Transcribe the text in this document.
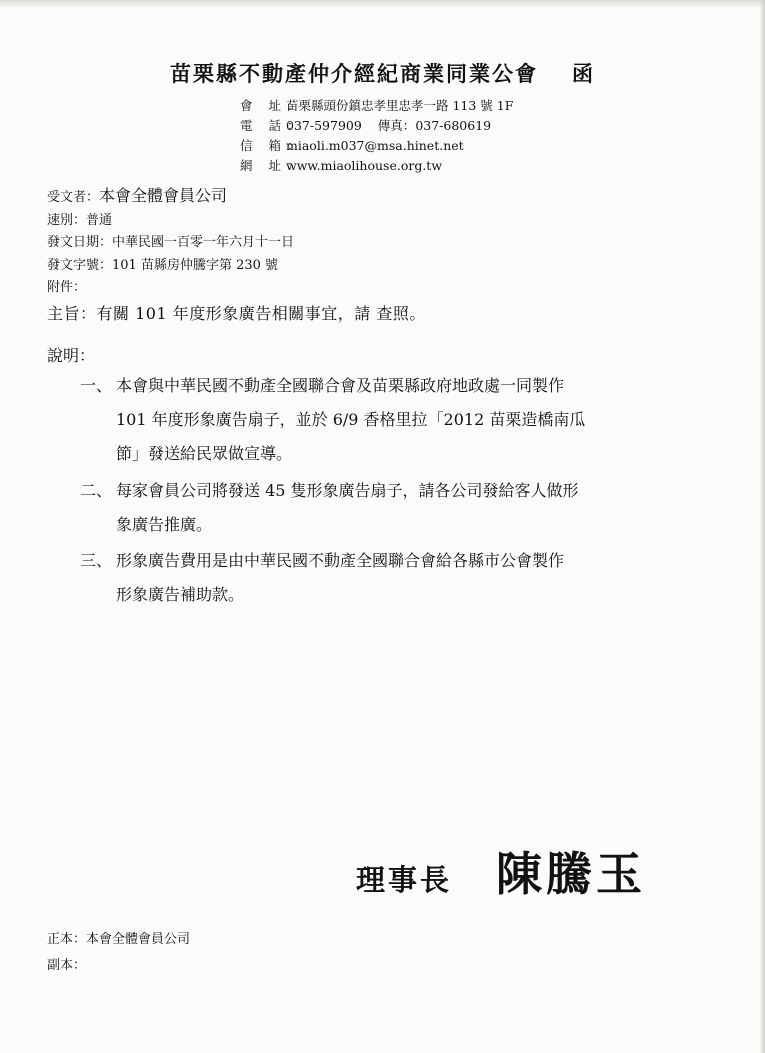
苗栗縣不動產仲介經紀商業同業公會 函
會 址：苗栗縣頭份鎮忠孝里忠孝一路 113 號 1F
電 話：037-597909 傳真：037-680619
信 箱：miaoli.m037@msa.hinet.net
網 址：www.miaolihouse.org.tw
受文者：本會全體會員公司
速別：普通
發文日期：中華民國一百零一年六月十一日
發文字號：101 苗縣房仲騰字第 230 號
附件：
主旨：有關 101 年度形象廣告相關事宜，請 查照。
說明：
一、 本會與中華民國不動產全國聯合會及苗栗縣政府地政處一同製作
101 年度形象廣告扇子，並於 6/9 香格里拉「2012 苗栗造橋南瓜
節」發送給民眾做宣導。
二、 每家會員公司將發送 45 隻形象廣告扇子，請各公司發給客人做形
象廣告推廣。
三、 形象廣告費用是由中華民國不動產全國聯合會給各縣市公會製作
形象廣告補助款。
理事長 陳騰玉
正本：本會全體會員公司
副本：
